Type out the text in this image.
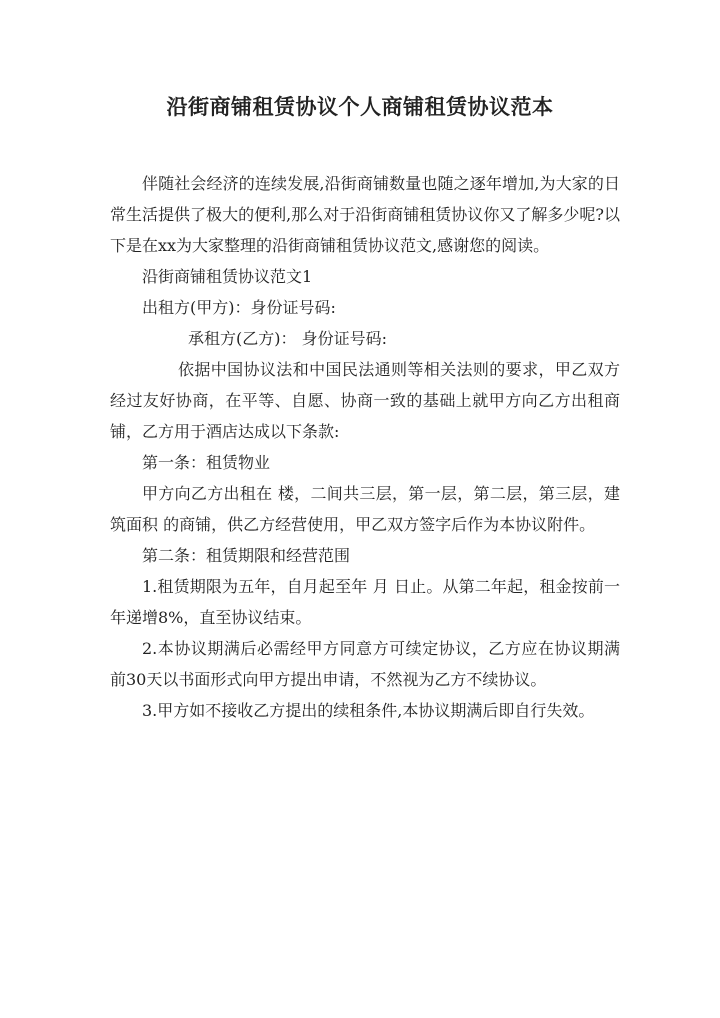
沿街商铺租赁协议个人商铺租赁协议范本

伴随社会经济的连续发展,沿街商铺数量也随之逐年增加,为大家的日常生活提供了极大的便利,那么对于沿街商铺租赁协议你又了解多少呢?以下是在xx为大家整理的沿街商铺租赁协议范文,感谢您的阅读。

沿街商铺租赁协议范文1

出租方(甲方)：身份证号码:

承租方(乙方)： 身份证号码:

依据中国协议法和中国民法通则等相关法则的要求，甲乙双方经过友好协商，在平等、自愿、协商一致的基础上就甲方向乙方出租商铺，乙方用于酒店达成以下条款:

第一条：租赁物业

甲方向乙方出租在 楼，二间共三层，第一层，第二层，第三层，建筑面积 的商铺，供乙方经营使用，甲乙双方签字后作为本协议附件。

第二条：租赁期限和经营范围

1.租赁期限为五年，自月起至年 月 日止。从第二年起，租金按前一年递增8%，直至协议结束。

2.本协议期满后必需经甲方同意方可续定协议，乙方应在协议期满前30天以书面形式向甲方提出申请，不然视为乙方不续协议。

3.甲方如不接收乙方提出的续租条件,本协议期满后即自行失效。
